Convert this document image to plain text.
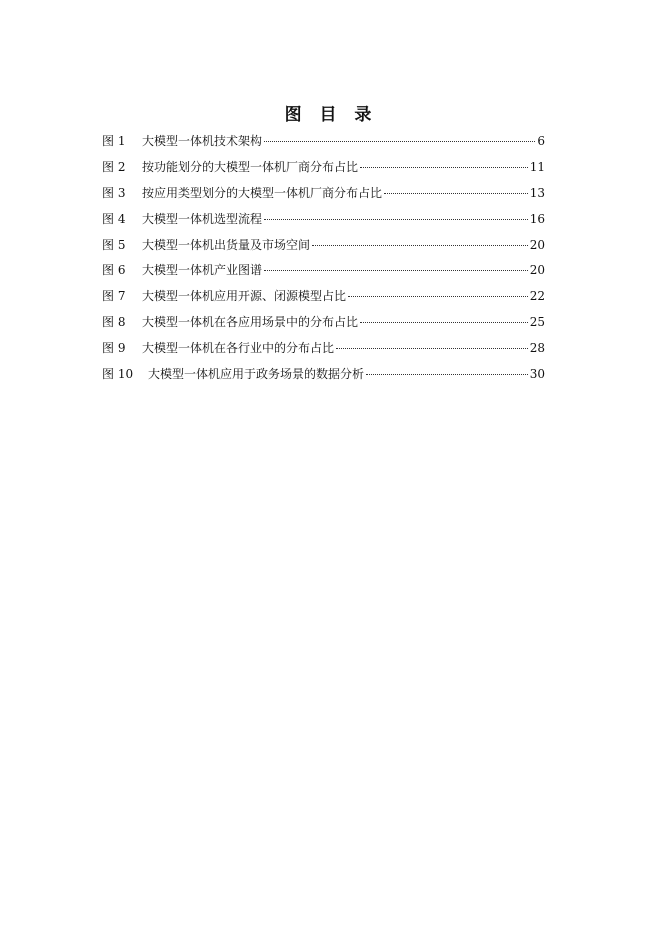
图 目 录
图 1	大模型一体机技术架构	6
图 2	按功能划分的大模型一体机厂商分布占比	11
图 3	按应用类型划分的大模型一体机厂商分布占比	13
图 4	大模型一体机选型流程	16
图 5	大模型一体机出货量及市场空间	20
图 6	大模型一体机产业图谱	20
图 7	大模型一体机应用开源、闭源模型占比	22
图 8	大模型一体机在各应用场景中的分布占比	25
图 9	大模型一体机在各行业中的分布占比	28
图 10	大模型一体机应用于政务场景的数据分析	30
